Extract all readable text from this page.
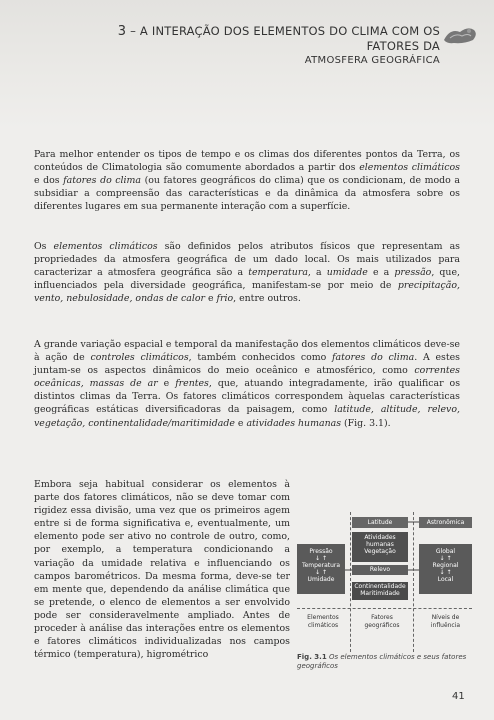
3 – A INTERAÇÃO DOS ELEMENTOS DO CLIMA COM OS FATORES DA
ATMOSFERA GEOGRÁFICA

Para melhor entender os tipos de tempo e os climas dos diferentes pontos da Terra, os conteúdos de Climatologia são comumente abordados a partir dos elementos climáticos e dos fatores do clima (ou fatores geográficos do clima) que os condicionam, de modo a subsidiar a compreensão das características e da dinâmica da atmosfera sobre os diferentes lugares em sua permanente interação com a superfície.

Os elementos climáticos são definidos pelos atributos físicos que representam as propriedades da atmosfera geográfica de um dado local. Os mais utilizados para caracterizar a atmosfera geográfica são a temperatura, a umidade e a pressão, que, influenciados pela diversidade geográfica, manifestam-se por meio de precipitação, vento, nebulosidade, ondas de calor e frio, entre outros.

A grande variação espacial e temporal da manifestação dos elementos climáticos deve-se à ação de controles climáticos, também conhecidos como fatores do clima. A estes juntam-se os aspectos dinâmicos do meio oceânico e atmosférico, como correntes oceânicas, massas de ar e frentes, que, atuando integradamente, irão qualificar os distintos climas da Terra. Os fatores climáticos correspondem àquelas características geográficas estáticas diversificadoras da paisagem, como latitude, altitude, relevo, vegetação, continentalidade/maritimidade e atividades humanas (Fig. 3.1).

Embora seja habitual considerar os elementos à parte dos fatores climáticos, não se deve tomar com rigidez essa divisão, uma vez que os primeiros agem entre si de forma significativa e, eventualmente, um elemento pode ser ativo no controle de outro, como, por exemplo, a temperatura condicionando a variação da umidade relativa e influenciando os campos barométricos. Da mesma forma, deve-se ter em mente que, dependendo da análise climática que se pretende, o elenco de elementos a ser envolvido pode ser consideravelmente ampliado. Antes de proceder à análise das interações entre os elementos e fatores climáticos individualizadas nos campos térmico (temperatura), higrométrico

Latitude
Atividades humanas
Vegetação
Relevo
Continentalidade Maritimidade
Astronômica
Global
↓ ↑
Regional
↓ ↑
Local
Pressão
↓ ↑
Temperatura
↓ ↑
Umidade
Elementos climáticos
Fatores geográficos
Níveis de influência
Fig. 3.1 Os elementos climáticos e seus fatores geográficos
41
